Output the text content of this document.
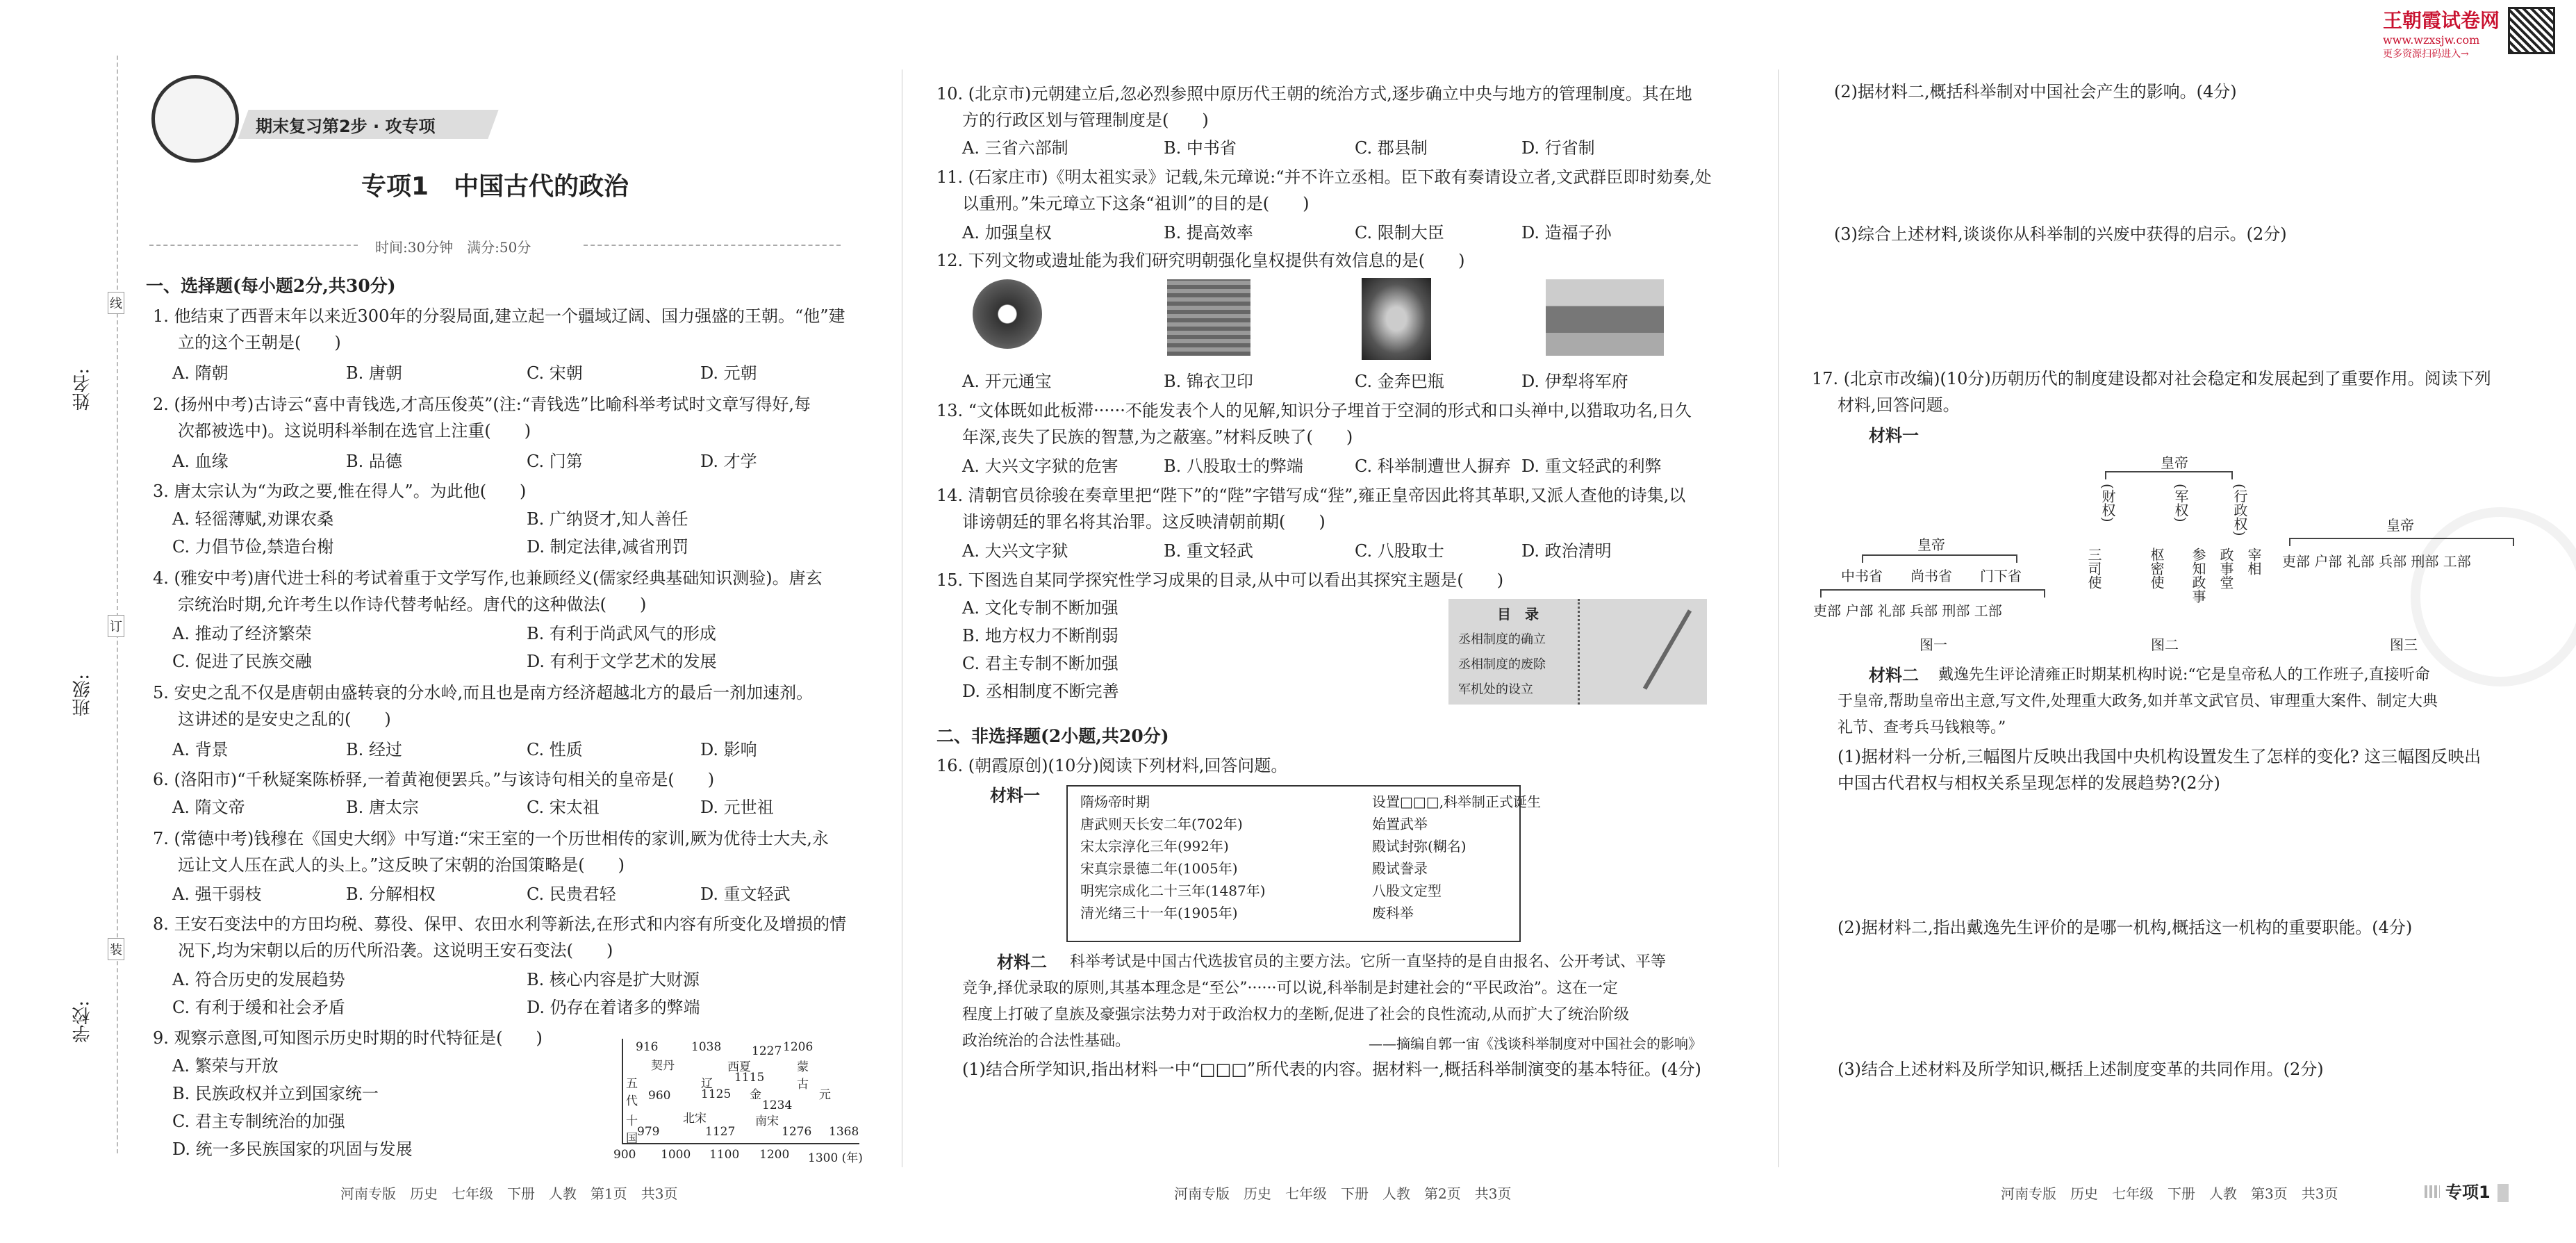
王朝霞试卷网
www.wzxsjw.com
更多资源扫码进入→
姓名:
班级:
学校:
线
订
装
期末复习第2步 · 攻专项
专项1　中国古代的政治
时间:30分钟　满分:50分
一、选择题(每小题2分,共30分)
1. 他结束了西晋末年以来近300年的分裂局面,建立起一个疆域辽阔、国力强盛的王朝。“他”建
立的这个王朝是(　　)
A. 隋朝	B. 唐朝	C. 宋朝	D. 元朝
2. (扬州中考)古诗云“喜中青钱选,才高压俊英”(注:“青钱选”比喻科举考试时文章写得好,每
次都被选中)。这说明科举制在选官上注重(　　)
A. 血缘	B. 品德	C. 门第	D. 才学
3. 唐太宗认为“为政之要,惟在得人”。为此他(　　)
A. 轻徭薄赋,劝课农桑	B. 广纳贤才,知人善任
C. 力倡节俭,禁造台榭	D. 制定法律,减省刑罚
4. (雅安中考)唐代进士科的考试着重于文学写作,也兼顾经义(儒家经典基础知识测验)。唐玄
宗统治时期,允许考生以作诗代替考帖经。唐代的这种做法(　　)
A. 推动了经济繁荣	B. 有利于尚武风气的形成
C. 促进了民族交融	D. 有利于文学艺术的发展
5. 安史之乱不仅是唐朝由盛转衰的分水岭,而且也是南方经济超越北方的最后一剂加速剂。
这讲述的是安史之乱的(　　)
A. 背景	B. 经过	C. 性质	D. 影响
6. (洛阳市)“千秋疑案陈桥驿,一着黄袍便罢兵。”与该诗句相关的皇帝是(　　)
A. 隋文帝	B. 唐太宗	C. 宋太祖	D. 元世祖
7. (常德中考)钱穆在《国史大纲》中写道:“宋王室的一个历世相传的家训,厥为优待士大夫,永
远让文人压在武人的头上。”这反映了宋朝的治国策略是(　　)
A. 强干弱枝	B. 分解相权	C. 民贵君轻	D. 重文轻武
8. 王安石变法中的方田均税、募役、保甲、农田水利等新法,在形式和内容有所变化及增损的情
况下,均为宋朝以后的历代所沿袭。这说明王安石变法(　　)
A. 符合历史的发展趋势	B. 核心内容是扩大财源
C. 有利于缓和社会矛盾	D. 仍存在着诸多的弊端
9. 观察示意图,可知图示历史时期的时代特征是(　　)
A. 繁荣与开放
B. 民族政权并立到国家统一
C. 君主专制统治的加强
D. 统一多民族国家的巩固与发展
916	1038	1227 1206
契丹	西夏	蒙古
1115
金
辽
1125
1234
元
五代 960
北宋
1127
南宋
1276 1368
979
十国
900 1000 1100 1200 1300 (年)
河南专版　历史　七年级　下册　人教　第1页　共3页
10. (北京市)元朝建立后,忽必烈参照中原历代王朝的统治方式,逐步确立中央与地方的管理制度。其在地
方的行政区划与管理制度是(　　)
A. 三省六部制	B. 中书省	C. 郡县制	D. 行省制
11. (石家庄市)《明太祖实录》记载,朱元璋说:“并不许立丞相。臣下敢有奏请设立者,文武群臣即时劾奏,处
以重刑。”朱元璋立下这条“祖训”的目的是(　　)
A. 加强皇权	B. 提高效率	C. 限制大臣	D. 造福子孙
12. 下列文物或遗址能为我们研究明朝强化皇权提供有效信息的是(　　)
A. 开元通宝	B. 锦衣卫印	C. 金奔巴瓶	D. 伊犁将军府
13. “文体既如此板滞······不能发表个人的见解,知识分子埋首于空洞的形式和口头禅中,以猎取功名,日久
年深,丧失了民族的智慧,为之蔽塞。”材料反映了(　　)
A. 大兴文字狱的危害	B. 八股取士的弊端	C. 科举制遭世人摒弃 D. 重文轻武的利弊
14. 清朝官员徐骏在奏章里把“陛下”的“陛”字错写成“狴”,雍正皇帝因此将其革职,又派人查他的诗集,以
诽谤朝廷的罪名将其治罪。这反映清朝前期(　　)
A. 大兴文字狱	B. 重文轻武	C. 八股取士	D. 政治清明
15. 下图选自某同学探究性学习成果的目录,从中可以看出其探究主题是(　　)
A. 文化专制不断加强
B. 地方权力不断削弱
C. 君主专制不断加强
D. 丞相制度不断完善
目　录
丞相制度的确立
丞相制度的废除
军机处的设立
二、非选择题(2小题,共20分)
16. (朝霞原创)(10分)阅读下列材料,回答问题。
材料一	隋炀帝时期	设置□□□,科举制正式诞生
唐武则天长安二年(702年)	始置武举
宋太宗淳化三年(992年)	殿试封弥(糊名)
宋真宗景德二年(1005年)	殿试誊录
明宪宗成化二十三年(1487年)	八股文定型
清光绪三十一年(1905年)	废科举
材料二 科举考试是中国古代选拔官员的主要方法。它所一直坚持的是自由报名、公开考试、平等
竞争,择优录取的原则,其基本理念是“至公”······可以说,科举制是封建社会的“平民政治”。这在一定
程度上打破了皇族及豪强宗法势力对于政治权力的垄断,促进了社会的良性流动,从而扩大了统治阶级
政治统治的合法性基础。	——摘编自郭一宙《浅谈科举制度对中国社会的影响》
(1)结合所学知识,指出材料一中“□□□”所代表的内容。据材料一,概括科举制演变的基本特征。(4分)
河南专版　历史　七年级　下册　人教　第2页　共3页
(2)据材料二,概括科举制对中国社会产生的影响。(4分)
(3)综合上述材料,谈谈你从科举制的兴废中获得的启示。(2分)
17. (北京市改编)(10分)历朝历代的制度建设都对社会稳定和发展起到了重要作用。阅读下列
材料,回答问题。
材料一
皇帝
中书省 尚书省 门下省
吏部 户部 礼部 兵部 刑部 工部
图一
皇帝
(财权)	(军权)	(行政权)
三司使	枢密使 参知政事 政事堂 宰相
图二
皇帝
吏部 户部 礼部 兵部 刑部 工部
图三
材料二 戴逸先生评论清雍正时期某机构时说:“它是皇帝私人的工作班子,直接听命
于皇帝,帮助皇帝出主意,写文件,处理重大政务,如并革文武官员、审理重大案件、制定大典
礼节、查考兵马钱粮等。”
(1)据材料一分析,三幅图片反映出我国中央机构设置发生了怎样的变化? 这三幅图反映出
中国古代君权与相权关系呈现怎样的发展趋势?(2分)
(2)据材料二,指出戴逸先生评价的是哪一机构,概括这一机构的重要职能。(4分)
(3)结合上述材料及所学知识,概括上述制度变革的共同作用。(2分)
河南专版　历史　七年级　下册　人教　第3页　共3页	专项1
